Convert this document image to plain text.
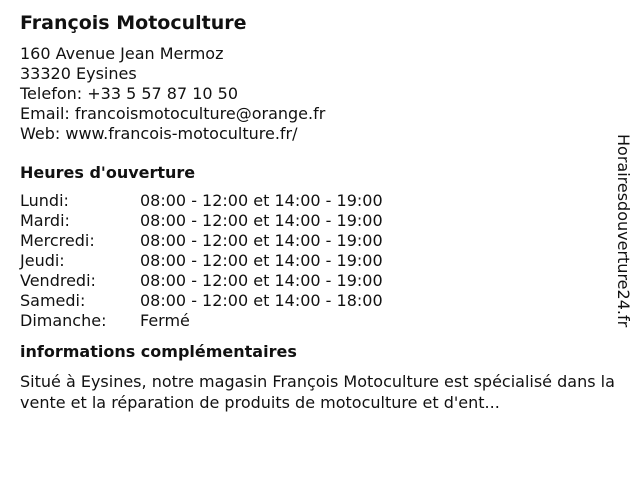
François Motoculture
160 Avenue Jean Mermoz
33320 Eysines
Telefon: +33 5 57 87 10 50
Email: francoismotoculture@orange.fr
Web: www.francois-motoculture.fr/
Heures d'ouverture
Lundi:	08:00 - 12:00 et 14:00 - 19:00
Mardi:	08:00 - 12:00 et 14:00 - 19:00
Mercredi:	08:00 - 12:00 et 14:00 - 19:00
Jeudi:	08:00 - 12:00 et 14:00 - 19:00
Vendredi:	08:00 - 12:00 et 14:00 - 19:00
Samedi:	08:00 - 12:00 et 14:00 - 18:00
Dimanche:	Fermé
informations complémentaires

Situé à Eysines, notre magasin François Motoculture est spécialisé dans la vente et la réparation de produits de motoculture et d'ent...

Horairesdouverture24.fr
